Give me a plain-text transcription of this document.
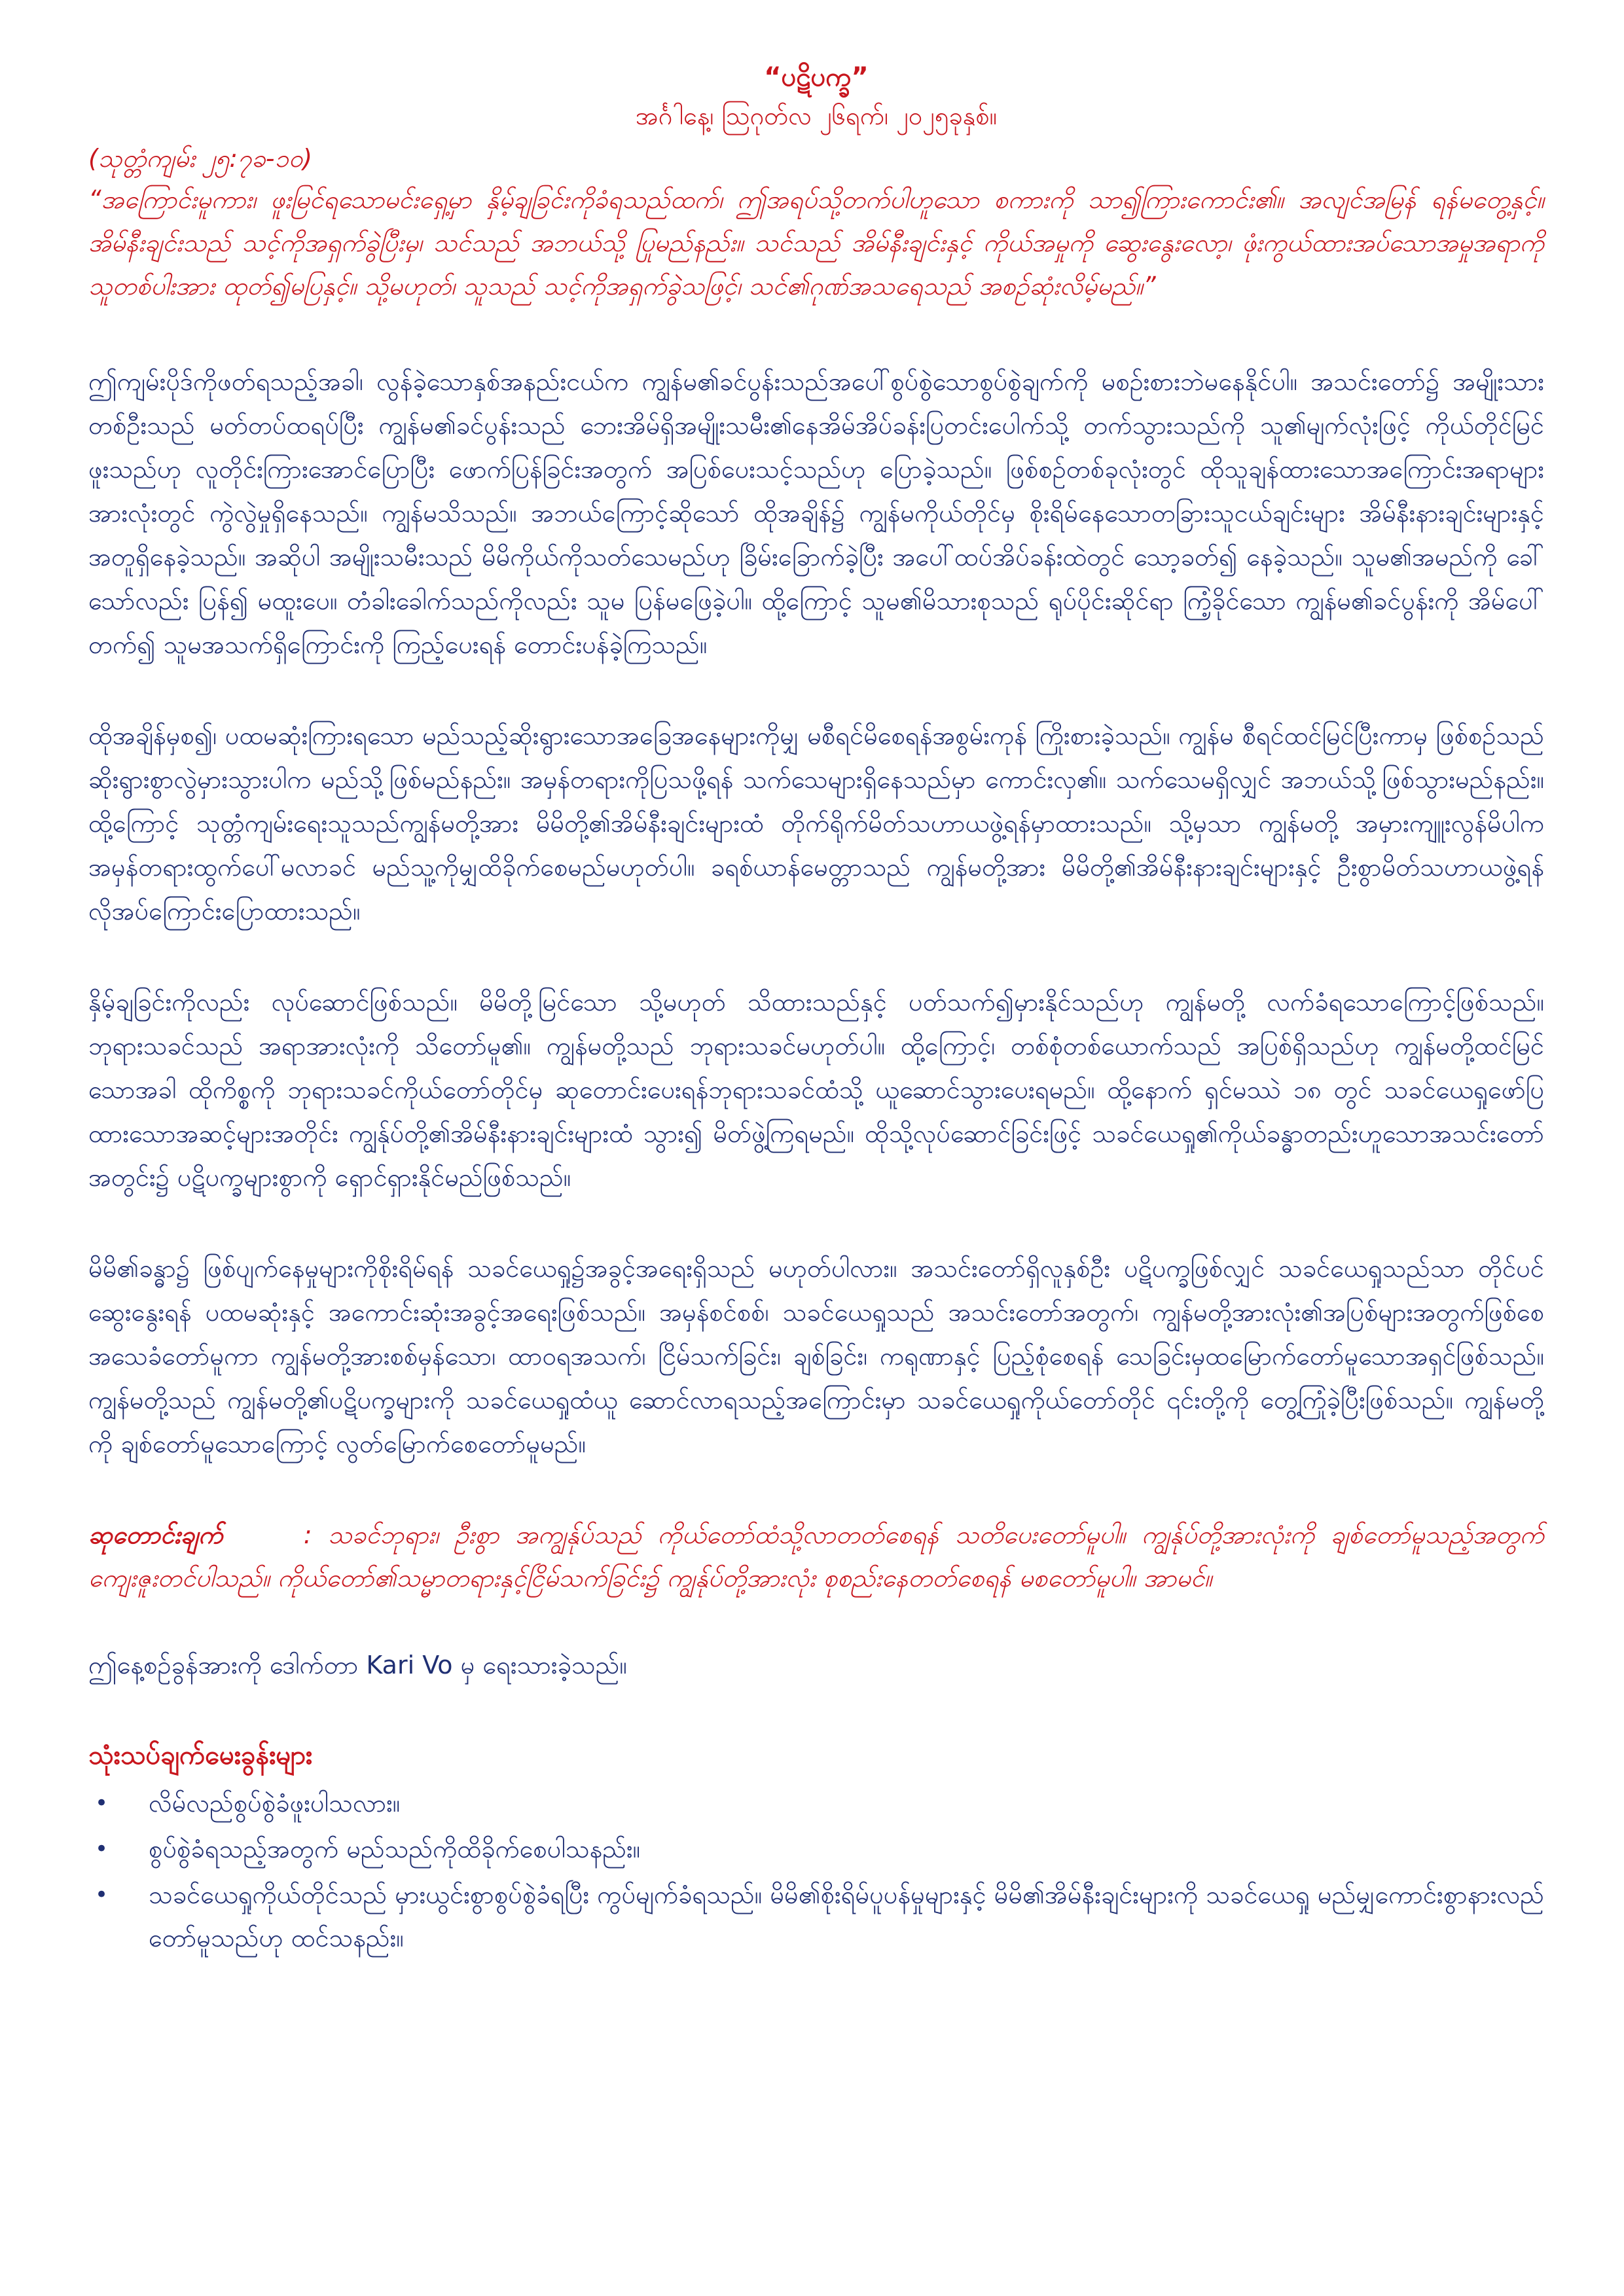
“ပဋိပက္ခ”

အင်္ဂါနေ့၊ ဩဂုတ်လ ၂၆ရက်၊ ၂၀၂၅ခုနှစ်။

(သုတ္တံကျမ်း ၂၅:၇ခ-၁၀)

“အကြောင်းမူကား၊ ဖူးမြင်ရသောမင်းရှေ့မှာ နှိမ့်ချခြင်းကိုခံရသည်ထက်၊ ဤအရပ်သို့တက်ပါဟူသော စကားကို သာ၍ကြားကောင်း၏။ အလျင်အမြန် ရန်မတွေ့နှင့်။ အိမ်နီးချင်းသည် သင့်ကိုအရှက်ခွဲပြီးမှ၊ သင်သည် အဘယ်သို့ ပြုမည်နည်း။ သင်သည် အိမ်နီးချင်းနှင့် ကိုယ်အမှုကို ဆွေးနွေးလော့၊ ဖုံးကွယ်ထားအပ်သောအမှုအရာကို သူတစ်ပါးအား ထုတ်၍မပြနှင့်။ သို့မဟုတ်၊ သူသည် သင့်ကိုအရှက်ခွဲသဖြင့်၊ သင်၏ဂုဏ်အသရေသည် အစဉ်ဆုံးလိမ့်မည်။”

ဤကျမ်းပိုဒ်ကိုဖတ်ရသည့်အခါ၊ လွန်ခဲ့သောနှစ်အနည်းငယ်က ကျွန်မ၏ခင်ပွန်းသည်အပေါ်စွပ်စွဲသောစွပ်စွဲချက်ကို မစဉ်းစားဘဲမနေနိုင်ပါ။ အသင်းတော်၌ အမျိုးသားတစ်ဦးသည် မတ်တပ်ထရပ်ပြီး ကျွန်မ၏ခင်ပွန်းသည် ဘေးအိမ်ရှိအမျိုးသမီး၏နေအိမ်အိပ်ခန်းပြတင်းပေါက်သို့ တက်သွားသည်ကို သူ၏မျက်လုံးဖြင့် ကိုယ်တိုင်မြင်ဖူးသည်ဟု လူတိုင်းကြားအောင်ပြောပြီး ဖောက်ပြန်ခြင်းအတွက် အပြစ်ပေးသင့်သည်ဟု ပြောခဲ့သည်။ ဖြစ်စဉ်တစ်ခုလုံးတွင် ထိုသူချန်ထားသောအကြောင်းအရာများအားလုံးတွင် ကွဲလွဲမှုရှိနေသည်။ ကျွန်မသိသည်။ အဘယ်ကြောင့်ဆိုသော် ထိုအချိန်၌ ကျွန်မကိုယ်တိုင်မှ စိုးရိမ်နေသောတခြားသူငယ်ချင်းများ အိမ်နီးနားချင်းများနှင့်အတူရှိနေခဲ့သည်။ အဆိုပါ အမျိုးသမီးသည် မိမိကိုယ်ကိုသတ်သေမည်ဟု ခြိမ်းခြောက်ခဲ့ပြီး အပေါ်ထပ်အိပ်ခန်းထဲတွင် သော့ခတ်၍ နေခဲ့သည်။ သူမ၏အမည်ကို ခေါ်သော်လည်း ပြန်၍ မထူးပေ။ တံခါးခေါက်သည်ကိုလည်း သူမ ပြန်မဖြေခဲ့ပါ။ ထို့ကြောင့် သူမ၏မိသားစုသည် ရုပ်ပိုင်းဆိုင်ရာ ကြံ့ခိုင်သော ကျွန်မ၏ခင်ပွန်းကို အိမ်ပေါ်တက်၍ သူမအသက်ရှိကြောင်းကို ကြည့်ပေးရန် တောင်းပန်ခဲ့ကြသည်။

ထိုအချိန်မှစ၍၊ ပထမဆုံးကြားရသော မည်သည့်ဆိုးရွားသောအခြေအနေများကိုမျှ မစီရင်မိစေရန်အစွမ်းကုန် ကြိုးစားခဲ့သည်။ ကျွန်မ စီရင်ထင်မြင်ပြီးကာမှ ဖြစ်စဉ်သည် ဆိုးရွားစွာလွဲမှားသွားပါက မည်သို့ဖြစ်မည်နည်း။ အမှန်တရားကိုပြသဖို့ရန် သက်သေများရှိနေသည်မှာ ကောင်းလှ၏။ သက်သေမရှိလျှင် အဘယ်သို့ဖြစ်သွားမည်နည်း။ ထို့ကြောင့် သုတ္တံကျမ်းရေးသူသည်ကျွန်မတို့အား မိမိတို့၏အိမ်နီးချင်းများထံ တိုက်ရိုက်မိတ်သဟာယဖွဲ့ရန်မှာထားသည်။ သို့မှသာ ကျွန်မတို့ အမှားကျူးလွန်မိပါက အမှန်တရားထွက်ပေါ်မလာခင် မည်သူ့ကိုမျှထိခိုက်စေမည်မဟုတ်ပါ။ ခရစ်ယာန်မေတ္တာသည် ကျွန်မတို့အား မိမိတို့၏အိမ်နီးနားချင်းများနှင့် ဦးစွာမိတ်သဟာယဖွဲ့ရန် လိုအပ်ကြောင်းပြောထားသည်။

နှိမ့်ချခြင်းကိုလည်း လုပ်ဆောင်ဖြစ်သည်။ မိမိတို့မြင်သော သို့မဟုတ် သိထားသည်နှင့် ပတ်သက်၍မှားနိုင်သည်ဟု ကျွန်မတို့ လက်ခံရသောကြောင့်ဖြစ်သည်။ ဘုရားသခင်သည် အရာအားလုံးကို သိတော်မူ၏။ ကျွန်မတို့သည် ဘုရားသခင်မဟုတ်ပါ။ ထို့ကြောင့်၊ တစ်စုံတစ်ယောက်သည် အပြစ်ရှိသည်ဟု ကျွန်မတို့ထင်မြင်သောအခါ ထိုကိစ္စကို ဘုရားသခင်ကိုယ်တော်တိုင်မှ ဆုတောင်းပေးရန်ဘုရားသခင်ထံသို့ ယူဆောင်သွားပေးရမည်။ ထို့နောက် ရှင်မဿဲ ၁၈ တွင် သခင်ယေရှုဖော်ပြထားသောအဆင့်များအတိုင်း ကျွန်ုပ်တို့၏အိမ်နီးနားချင်းများထံ သွား၍ မိတ်ဖွဲ့ကြရမည်။ ထိုသို့လုပ်ဆောင်ခြင်းဖြင့် သခင်ယေရှု၏ကိုယ်ခန္ဓာတည်းဟူသောအသင်းတော်အတွင်း၌ ပဋိပက္ခများစွာကို ရှောင်ရှားနိုင်မည်ဖြစ်သည်။

မိမိ၏ခန္ဓာ၌ ဖြစ်ပျက်နေမှုများကိုစိုးရိမ်ရန် သခင်ယေရှု၌အခွင့်အရေးရှိသည် မဟုတ်ပါလား။ အသင်းတော်ရှိလူနှစ်ဦး ပဋိပက္ခဖြစ်လျှင် သခင်ယေရှုသည်သာ တိုင်ပင်ဆွေးနွေးရန် ပထမဆုံးနှင့် အကောင်းဆုံးအခွင့်အရေးဖြစ်သည်။ အမှန်စင်စစ်၊ သခင်ယေရှုသည် အသင်းတော်အတွက်၊ ကျွန်မတို့အားလုံး၏အပြစ်များအတွက်ဖြစ်စေ အသေခံတော်မူကာ ကျွန်မတို့အားစစ်မှန်သော၊ ထာဝရအသက်၊ ငြိမ်သက်ခြင်း၊ ချစ်ခြင်း၊ ကရုဏာနှင့် ပြည့်စုံစေရန် သေခြင်းမှထမြောက်တော်မူသောအရှင်ဖြစ်သည်။ ကျွန်မတို့သည် ကျွန်မတို့၏ပဋိပက္ခများကို သခင်ယေရှုထံယူ ဆောင်လာရသည့်အကြောင်းမှာ သခင်ယေရှုကိုယ်တော်တိုင် ၎င်းတို့ကို တွေ့ကြုံခဲ့ပြီးဖြစ်သည်။ ကျွန်မတို့ကို ချစ်တော်မူသောကြောင့် လွတ်မြောက်စေတော်မူမည်။

ဆုတောင်းချက်	: သခင်ဘုရား၊ ဦးစွာ အကျွန်ုပ်သည် ကိုယ်တော်ထံသို့လာတတ်စေရန် သတိပေးတော်မူပါ။ ကျွန်ုပ်တို့အားလုံးကို ချစ်တော်မူသည့်အတွက် ကျေးဇူးတင်ပါသည်။ ကိုယ်တော်၏သမ္မာတရားနှင့်ငြိမ်သက်ခြင်း၌ ကျွန်ုပ်တို့အားလုံး စုစည်းနေတတ်စေရန် မစတော်မူပါ။ အာမင်။

ဤနေ့စဉ်ခွန်အားကို ဒေါက်တာ Kari Vo မှ ရေးသားခဲ့သည်။

သုံးသပ်ချက်မေးခွန်းများ
• လိမ်လည်စွပ်စွဲခံဖူးပါသလား။
• စွပ်စွဲခံရသည့်အတွက် မည်သည်ကိုထိခိုက်စေပါသနည်း။
• သခင်ယေရှုကိုယ်တိုင်သည် မှားယွင်းစွာစွပ်စွဲခံရပြီး ကွပ်မျက်ခံရသည်။ မိမိ၏စိုးရိမ်ပူပန်မှုများနှင့် မိမိ၏အိမ်နီးချင်းများကို သခင်ယေရှု မည်မျှကောင်းစွာနားလည်တော်မူသည်ဟု ထင်သနည်း။
